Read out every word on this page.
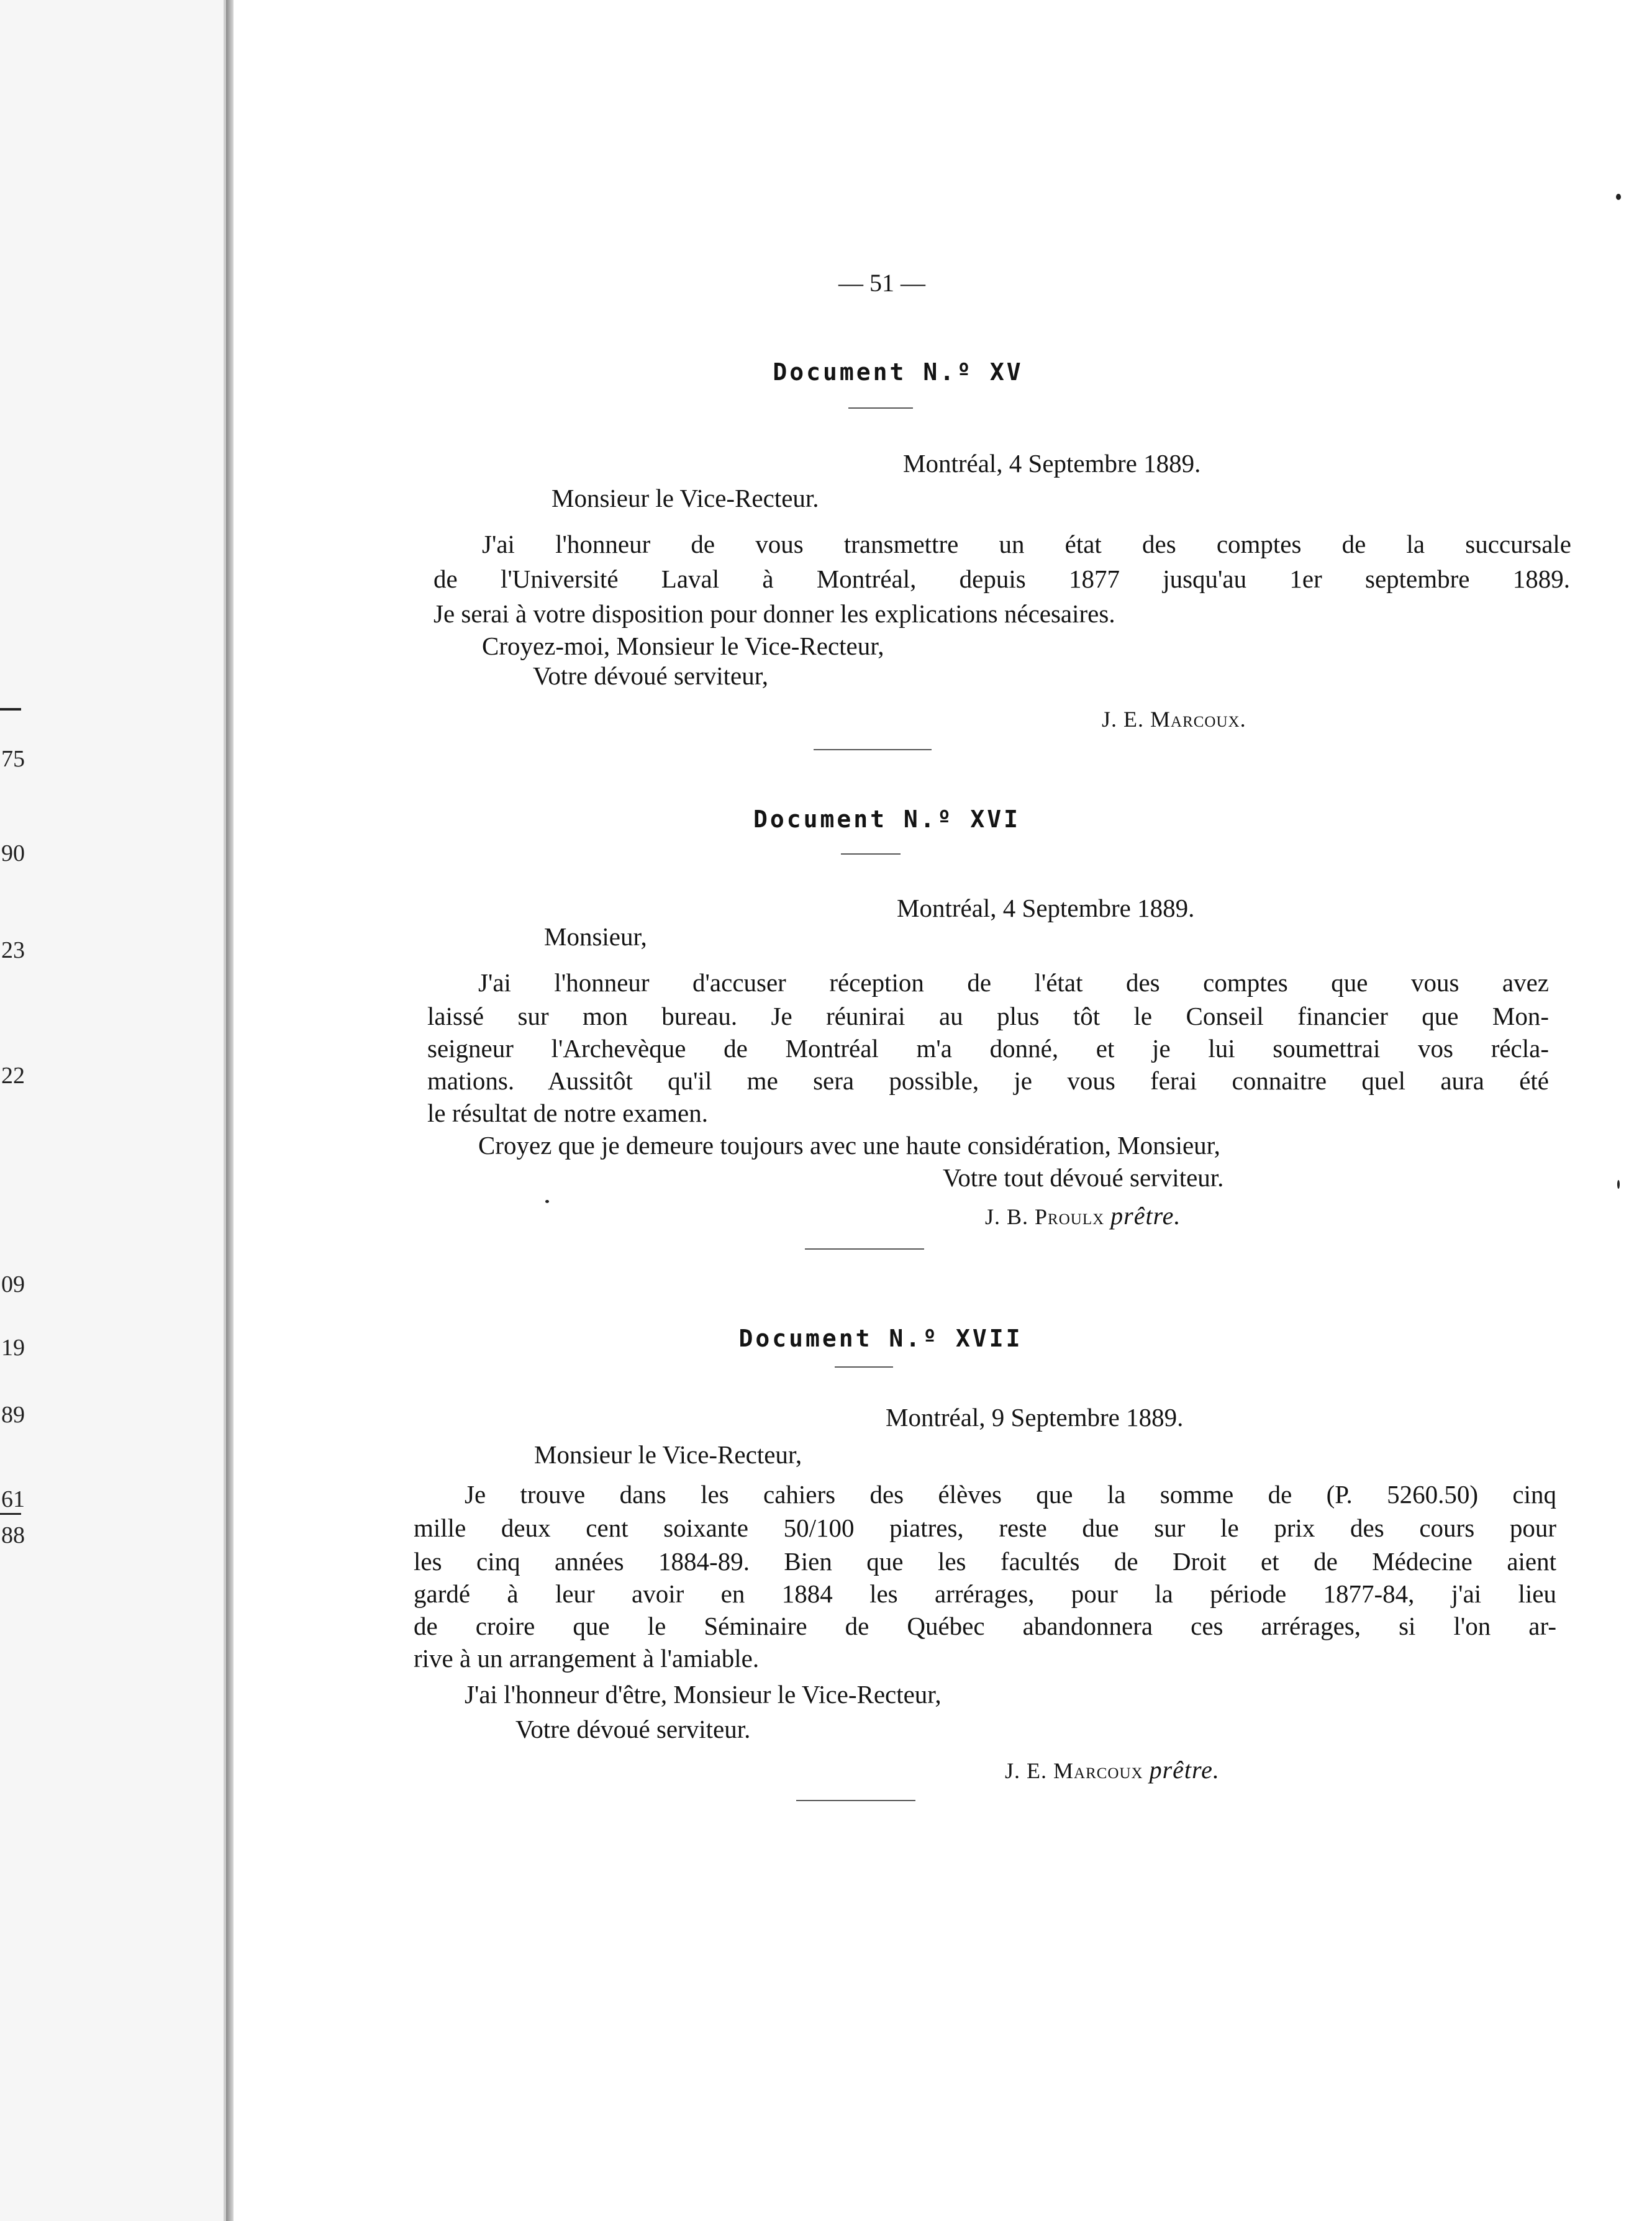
75
90
23
22
09
19
89
61
88
— 51 —
Document N.º XV
Montréal, 4 Septembre 1889.
Monsieur le Vice-Recteur.
J'ai l'honneur de vous transmettre un état des comptes de la succursale
de l'Université Laval à Montréal, depuis 1877 jusqu'au 1er septembre 1889.
Je serai à votre disposition pour donner les explications nécesaires.
Croyez-moi, Monsieur le Vice-Recteur,
Votre dévoué serviteur,
J. E. Marcoux.
Document N.º XVI
Montréal, 4 Septembre 1889.
Monsieur,
J'ai l'honneur d'accuser réception de l'état des comptes que vous avez
laissé sur mon bureau. Je réunirai au plus tôt le Conseil financier que Mon-
seigneur l'Archevèque de Montréal m'a donné, et je lui soumettrai vos récla-
mations. Aussitôt qu'il me sera possible, je vous ferai connaitre quel aura été
le résultat de notre examen.
Croyez que je demeure toujours avec une haute considération, Monsieur,
Votre tout dévoué serviteur.
J. B. Proulx prêtre.
Document N.º XVII
Montréal, 9 Septembre 1889.
Monsieur le Vice-Recteur,
Je trouve dans les cahiers des élèves que la somme de (P. 5260.50) cinq
mille deux cent soixante 50/100 piatres, reste due sur le prix des cours pour
les cinq années 1884-89. Bien que les facultés de Droit et de Médecine aient
gardé à leur avoir en 1884 les arrérages, pour la période 1877-84, j'ai lieu
de croire que le Séminaire de Québec abandonnera ces arrérages, si l'on ar-
rive à un arrangement à l'amiable.
J'ai l'honneur d'être, Monsieur le Vice-Recteur,
Votre dévoué serviteur.
J. E. Marcoux prêtre.
